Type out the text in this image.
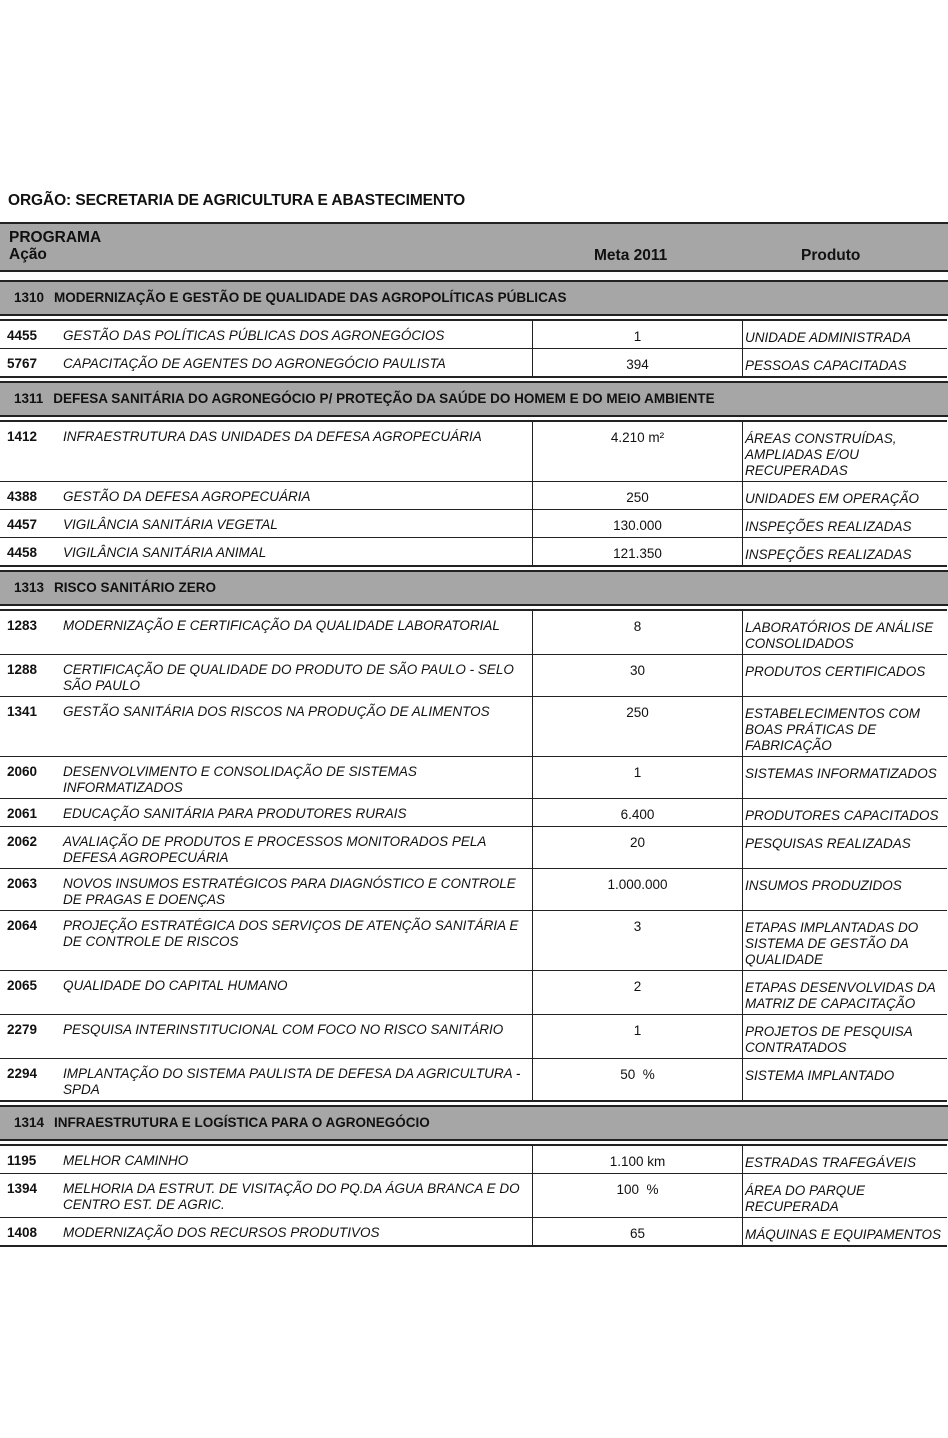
ORGÃO: SECRETARIA DE AGRICULTURA E ABASTECIMENTO
PROGRAMA
Ação	Meta 2011	Produto
1310 MODERNIZAÇÃO E GESTÃO DE QUALIDADE DAS AGROPOLÍTICAS PÚBLICAS
4455	GESTÃO DAS POLÍTICAS PÚBLICAS DOS AGRONEGÓCIOS	1	UNIDADE ADMINISTRADA
5767	CAPACITAÇÃO DE AGENTES DO AGRONEGÓCIO PAULISTA	394	PESSOAS CAPACITADAS
1311 DEFESA SANITÁRIA DO AGRONEGÓCIO P/ PROTEÇÃO DA SAÚDE DO HOMEM E DO MEIO AMBIENTE
1412	INFRAESTRUTURA DAS UNIDADES DA DEFESA AGROPECUÁRIA	4.210 m²	ÁREAS CONSTRUÍDAS, AMPLIADAS E/OU RECUPERADAS
4388	GESTÃO DA DEFESA AGROPECUÁRIA	250	UNIDADES EM OPERAÇÃO
4457	VIGILÂNCIA SANITÁRIA VEGETAL	130.000	INSPEÇÕES REALIZADAS
4458	VIGILÂNCIA SANITÁRIA ANIMAL	121.350	INSPEÇÕES REALIZADAS
1313 RISCO SANITÁRIO ZERO
1283	MODERNIZAÇÃO E CERTIFICAÇÃO DA QUALIDADE LABORATORIAL	8	LABORATÓRIOS DE ANÁLISE CONSOLIDADOS
1288	CERTIFICAÇÃO DE QUALIDADE DO PRODUTO DE SÃO PAULO - SELO SÃO PAULO	30	PRODUTOS CERTIFICADOS
1341	GESTÃO SANITÁRIA DOS RISCOS NA PRODUÇÃO DE ALIMENTOS	250	ESTABELECIMENTOS COM BOAS PRÁTICAS DE FABRICAÇÃO
2060	DESENVOLVIMENTO E CONSOLIDAÇÃO DE SISTEMAS INFORMATIZADOS	1	SISTEMAS INFORMATIZADOS
2061	EDUCAÇÃO SANITÁRIA PARA PRODUTORES RURAIS	6.400	PRODUTORES CAPACITADOS
2062	AVALIAÇÃO DE PRODUTOS E PROCESSOS MONITORADOS PELA DEFESA AGROPECUÁRIA	20	PESQUISAS REALIZADAS
2063	NOVOS INSUMOS ESTRATÉGICOS PARA DIAGNÓSTICO E CONTROLE DE PRAGAS E DOENÇAS	1.000.000	INSUMOS PRODUZIDOS
2064	PROJEÇÃO ESTRATÉGICA DOS SERVIÇOS DE ATENÇÃO SANITÁRIA E DE CONTROLE DE RISCOS	3	ETAPAS IMPLANTADAS DO SISTEMA DE GESTÃO DA QUALIDADE
2065	QUALIDADE DO CAPITAL HUMANO	2	ETAPAS DESENVOLVIDAS DA MATRIZ DE CAPACITAÇÃO
2279	PESQUISA INTERINSTITUCIONAL COM FOCO NO RISCO SANITÁRIO	1	PROJETOS DE PESQUISA CONTRATADOS
2294	IMPLANTAÇÃO DO SISTEMA PAULISTA DE DEFESA DA AGRICULTURA - SPDA	50  %	SISTEMA IMPLANTADO
1314 INFRAESTRUTURA E LOGÍSTICA PARA O AGRONEGÓCIO
1195	MELHOR CAMINHO	1.100 km	ESTRADAS TRAFEGÁVEIS
1394	MELHORIA DA ESTRUT. DE VISITAÇÃO DO PQ.DA ÁGUA BRANCA E DO CENTRO EST. DE AGRIC.	100  %	ÁREA DO PARQUE RECUPERADA
1408	MODERNIZAÇÃO DOS RECURSOS PRODUTIVOS	65	MÁQUINAS E EQUIPAMENTOS
